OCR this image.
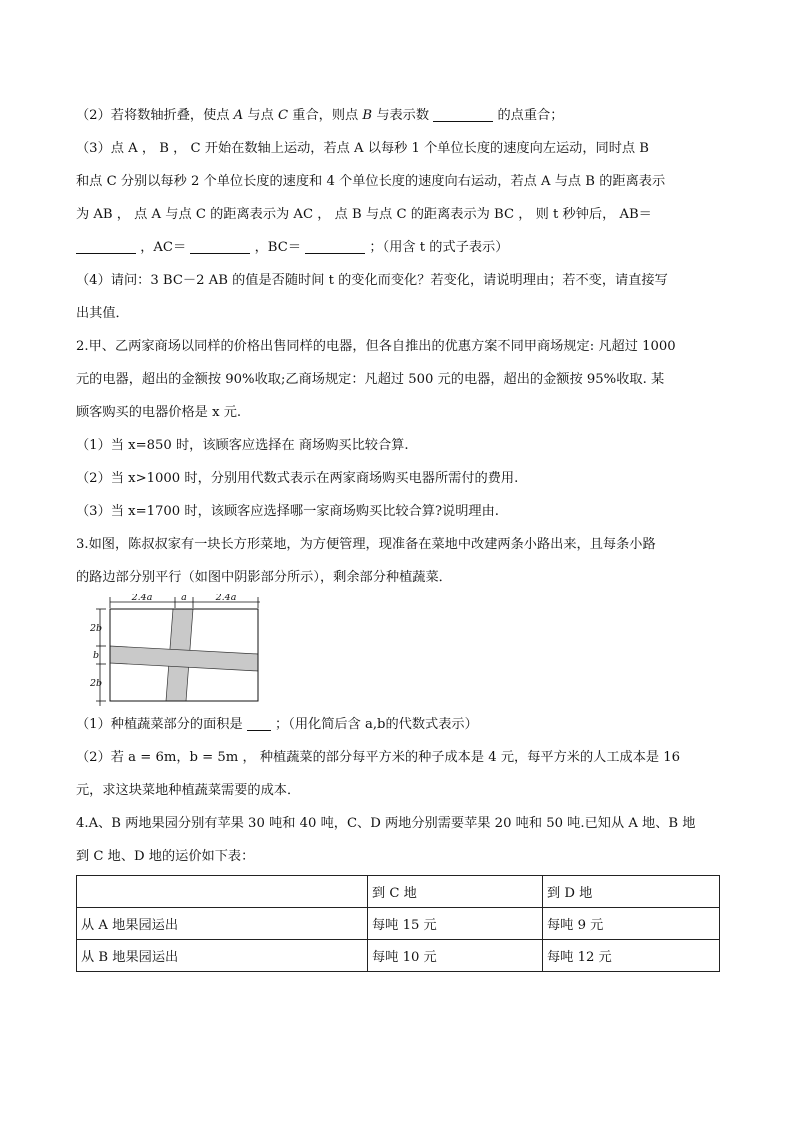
（2）若将数轴折叠，使点 A 与点 C 重合，则点 B 与表示数	的点重合；

（3）点 A ， B ， C 开始在数轴上运动，若点 A 以每秒 1 个单位长度的速度向左运动，同时点 B

和点 C 分别以每秒 2 个单位长度的速度和 4 个单位长度的速度向右运动，若点 A 与点 B 的距离表示

为 AB ， 点 A 与点 C 的距离表示为 AC ， 点 B 与点 C 的距离表示为 BC ， 则 t 秒钟后， AB＝

，AC＝	，BC＝	；（用含 t 的式子表示）

（4）请问：3 BC－2 AB 的值是否随时间 t 的变化而变化？若变化，请说明理由；若不变，请直接写

出其值．

2.甲、乙两家商场以同样的价格出售同样的电器，但各自推出的优惠方案不同甲商场规定: 凡超过 1000

元的电器，超出的金额按 90%收取;乙商场规定：凡超过 500 元的电器，超出的金额按 95%收取. 某

顾客购买的电器价格是 x 元.

（1）当 x=850 时，该顾客应选择在 商场购买比较合算.

（2）当 x>1000 时，分别用代数式表示在两家商场购买电器所需付的费用.

（3）当 x=1700 时，该顾客应选择哪一家商场购买比较合算?说明理由.

3.如图，陈叔叔家有一块长方形菜地，为方便管理，现准备在菜地中改建两条小路出来，且每条小路

的路边部分别平行（如图中阴影部分所示），剩余部分种植蔬菜．

2.4a	a	2.4a
2b
b
2b

（1）种植蔬菜部分的面积是 ；（用化简后含 a,b的代数式表示）

（2）若 a = 6m，b = 5m ， 种植蔬菜的部分每平方米的种子成本是 4 元，每平方米的人工成本是 16

元，求这块菜地种植蔬菜需要的成本．

4.A、B 两地果园分别有苹果 30 吨和 40 吨，C、D 两地分别需要苹果 20 吨和 50 吨.已知从 A 地、B 地

到 C 地、D 地的运价如下表：

	到 C 地	到 D 地
从 A 地果园运出	每吨 15 元	每吨 9 元
从 B 地果园运出	每吨 10 元	每吨 12 元
